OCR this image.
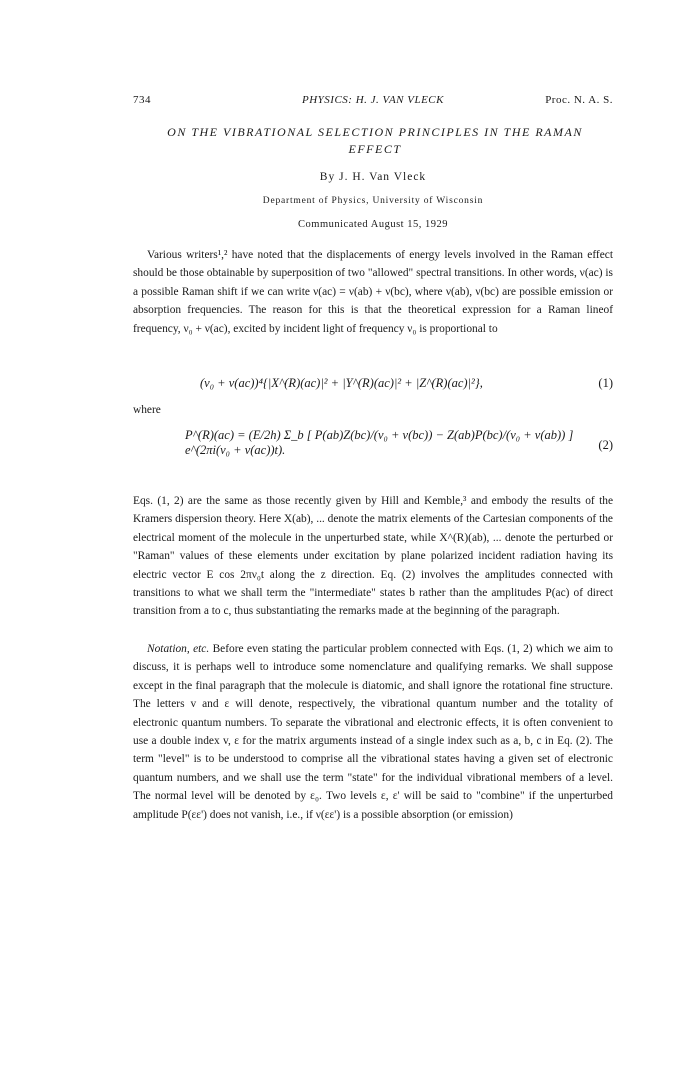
734	PHYSICS: H. J. VAN VLECK	Proc. N. A. S.
ON THE VIBRATIONAL SELECTION PRINCIPLES IN THE RAMAN EFFECT
By J. H. Van Vleck
Department of Physics, University of Wisconsin
Communicated August 15, 1929

Various writers¹,² have noted that the displacements of energy levels involved in the Raman effect should be those obtainable by superposition of two "allowed" spectral transitions. In other words, ν(ac) is a possible Raman shift if we can write ν(ac) = ν(ab) + ν(bc), where ν(ab), ν(bc) are possible emission or absorption frequencies. The reason for this is that the theoretical expression for a Raman lineof frequency, ν₀ + ν(ac), excited by incident light of frequency ν₀ is proportional to

(ν₀ + ν(ac))⁴{|X^(R)(ac)|² + |Y^(R)(ac)|² + |Z^(R)(ac)|²},	(1)
where
P^(R)(ac) = (E/2h) Σ_b [ P(ab)Z(bc)/(ν₀ + ν(bc)) − Z(ab)P(bc)/(ν₀ + ν(ab)) ] e^(2πi(ν₀ + ν(ac))t).	(2)

Eqs. (1, 2) are the same as those recently given by Hill and Kemble,³ and embody the results of the Kramers dispersion theory. Here X(ab), ... denote the matrix elements of the Cartesian components of the electrical moment of the molecule in the unperturbed state, while X^(R)(ab), ... denote the perturbed or "Raman" values of these elements under excitation by plane polarized incident radiation having its electric vector E cos 2πν₀t along the z direction. Eq. (2) involves the amplitudes connected with transitions to what we shall term the "intermediate" states b rather than the amplitudes P(ac) of direct transition from a to c, thus substantiating the remarks made at the beginning of the paragraph.

Notation, etc. Before even stating the particular problem connected with Eqs. (1, 2) which we aim to discuss, it is perhaps well to introduce some nomenclature and qualifying remarks. We shall suppose except in the final paragraph that the molecule is diatomic, and shall ignore the rotational fine structure. The letters v and ε will denote, respectively, the vibrational quantum number and the totality of electronic quantum numbers. To separate the vibrational and electronic effects, it is often convenient to use a double index v, ε for the matrix arguments instead of a single index such as a, b, c in Eq. (2). The term "level" is to be understood to comprise all the vibrational states having a given set of electronic quantum numbers, and we shall use the term "state" for the individual vibrational members of a level. The normal level will be denoted by ε₀. Two levels ε, ε' will be said to "combine" if the unperturbed amplitude P(εε') does not vanish, i.e., if ν(εε') is a possible absorption (or emission)
